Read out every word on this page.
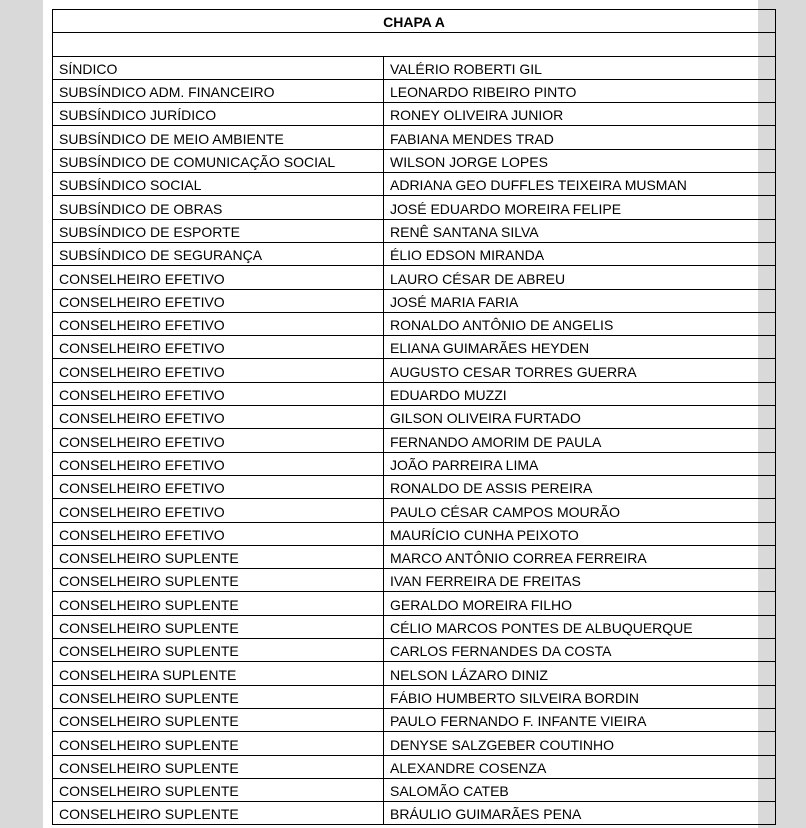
CHAPA A	

SÍNDICO	VALÉRIO ROBERTI GIL
SUBSÍNDICO ADM. FINANCEIRO	LEONARDO RIBEIRO PINTO
SUBSÍNDICO JURÍDICO	RONEY OLIVEIRA JUNIOR
SUBSÍNDICO DE MEIO AMBIENTE	FABIANA MENDES TRAD
SUBSÍNDICO DE COMUNICAÇÃO SOCIAL	WILSON JORGE LOPES
SUBSÍNDICO SOCIAL	ADRIANA GEO DUFFLES TEIXEIRA MUSMAN
SUBSÍNDICO DE OBRAS	JOSÉ EDUARDO MOREIRA FELIPE
SUBSÍNDICO DE ESPORTE	RENÊ SANTANA SILVA
SUBSÍNDICO DE SEGURANÇA	ÉLIO EDSON MIRANDA
CONSELHEIRO EFETIVO	LAURO CÉSAR DE ABREU
CONSELHEIRO EFETIVO	JOSÉ MARIA FARIA
CONSELHEIRO EFETIVO	RONALDO ANTÔNIO DE ANGELIS
CONSELHEIRO EFETIVO	ELIANA GUIMARÃES HEYDEN
CONSELHEIRO EFETIVO	AUGUSTO CESAR TORRES GUERRA
CONSELHEIRO EFETIVO	EDUARDO MUZZI
CONSELHEIRO EFETIVO	GILSON OLIVEIRA FURTADO
CONSELHEIRO EFETIVO	FERNANDO AMORIM DE PAULA
CONSELHEIRO EFETIVO	JOÃO PARREIRA LIMA
CONSELHEIRO EFETIVO	RONALDO DE ASSIS PEREIRA
CONSELHEIRO EFETIVO	PAULO CÉSAR CAMPOS MOURÃO
CONSELHEIRO EFETIVO	MAURÍCIO CUNHA PEIXOTO
CONSELHEIRO SUPLENTE	MARCO ANTÔNIO CORREA FERREIRA
CONSELHEIRO SUPLENTE	IVAN FERREIRA DE FREITAS
CONSELHEIRO SUPLENTE	GERALDO MOREIRA FILHO
CONSELHEIRO SUPLENTE	CÉLIO MARCOS PONTES DE ALBUQUERQUE
CONSELHEIRO SUPLENTE	CARLOS FERNANDES DA COSTA
CONSELHEIRA SUPLENTE	NELSON LÁZARO DINIZ
CONSELHEIRO SUPLENTE	FÁBIO HUMBERTO SILVEIRA BORDIN
CONSELHEIRO SUPLENTE	PAULO FERNANDO F. INFANTE VIEIRA
CONSELHEIRO SUPLENTE	DENYSE SALZGEBER COUTINHO
CONSELHEIRO SUPLENTE	ALEXANDRE COSENZA
CONSELHEIRO SUPLENTE	SALOMÃO CATEB
CONSELHEIRO SUPLENTE	BRÁULIO GUIMARÃES PENA
